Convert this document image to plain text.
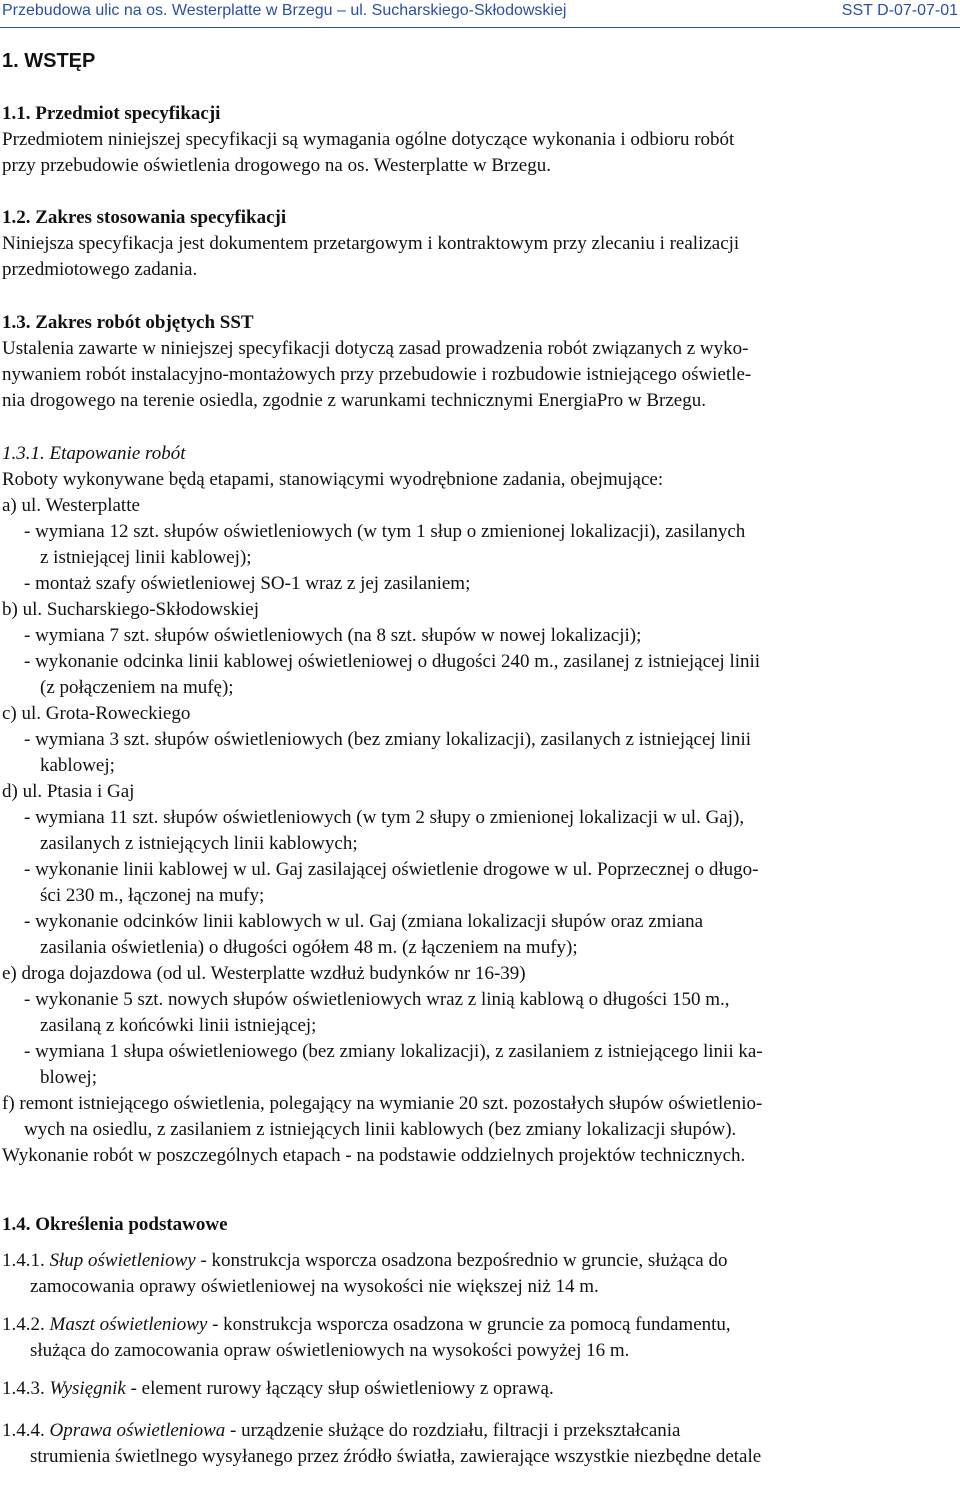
Przebudowa ulic na os. Westerplatte w Brzegu – ul. Sucharskiego-Skłodowskiej	SST D-07-07-01
1. WSTĘP
1.1. Przedmiot specyfikacji
Przedmiotem niniejszej specyfikacji są wymagania ogólne dotyczące wykonania i odbioru robót
przy przebudowie oświetlenia drogowego na os. Westerplatte w Brzegu.
1.2. Zakres stosowania specyfikacji
Niniejsza specyfikacja jest dokumentem przetargowym i kontraktowym przy zlecaniu i realizacji
przedmiotowego zadania.
1.3. Zakres robót objętych SST
Ustalenia zawarte w niniejszej specyfikacji dotyczą zasad prowadzenia robót związanych z wyko-
nywaniem robót instalacyjno-montażowych przy przebudowie i rozbudowie istniejącego oświetle-
nia drogowego na terenie osiedla, zgodnie z warunkami technicznymi EnergiaPro w Brzegu.
1.3.1. Etapowanie robót
Roboty wykonywane będą etapami, stanowiącymi wyodrębnione zadania, obejmujące:
a) ul. Westerplatte
- wymiana 12 szt. słupów oświetleniowych (w tym 1 słup o zmienionej lokalizacji), zasilanych
z istniejącej linii kablowej);
- montaż szafy oświetleniowej SO-1 wraz z jej zasilaniem;
b) ul. Sucharskiego-Skłodowskiej
- wymiana 7 szt. słupów oświetleniowych (na 8 szt. słupów w nowej lokalizacji);
- wykonanie odcinka linii kablowej oświetleniowej o długości 240 m., zasilanej z istniejącej linii
(z połączeniem na mufę);
c) ul. Grota-Roweckiego
- wymiana 3 szt. słupów oświetleniowych (bez zmiany lokalizacji), zasilanych z istniejącej linii
kablowej;
d) ul. Ptasia i Gaj
- wymiana 11 szt. słupów oświetleniowych (w tym 2 słupy o zmienionej lokalizacji w ul. Gaj),
zasilanych z istniejących linii kablowych;
- wykonanie linii kablowej w ul. Gaj zasilającej oświetlenie drogowe w ul. Poprzecznej o długo-
ści 230 m., łączonej na mufy;
- wykonanie odcinków linii kablowych w ul. Gaj (zmiana lokalizacji słupów oraz zmiana
zasilania oświetlenia) o długości ogółem 48 m. (z łączeniem na mufy);
e) droga dojazdowa (od ul. Westerplatte wzdłuż budynków nr 16-39)
- wykonanie 5 szt. nowych słupów oświetleniowych wraz z linią kablową o długości 150 m.,
zasilaną z końcówki linii istniejącej;
- wymiana 1 słupa oświetleniowego (bez zmiany lokalizacji), z zasilaniem z istniejącego linii ka-
blowej;
f) remont istniejącego oświetlenia, polegający na wymianie 20 szt. pozostałych słupów oświetlenio-
wych na osiedlu, z zasilaniem z istniejących linii kablowych (bez zmiany lokalizacji słupów).
Wykonanie robót w poszczególnych etapach - na podstawie oddzielnych projektów technicznych.
1.4. Określenia podstawowe
1.4.1. Słup oświetleniowy - konstrukcja wsporcza osadzona bezpośrednio w gruncie, służąca do
zamocowania oprawy oświetleniowej na wysokości nie większej niż 14 m.
1.4.2. Maszt oświetleniowy - konstrukcja wsporcza osadzona w gruncie za pomocą fundamentu,
służąca do zamocowania opraw oświetleniowych na wysokości powyżej 16 m.
1.4.3. Wysięgnik - element rurowy łączący słup oświetleniowy z oprawą.
1.4.4. Oprawa oświetleniowa - urządzenie służące do rozdziału, filtracji i przekształcania
strumienia świetlnego wysyłanego przez źródło światła, zawierające wszystkie niezbędne detale
